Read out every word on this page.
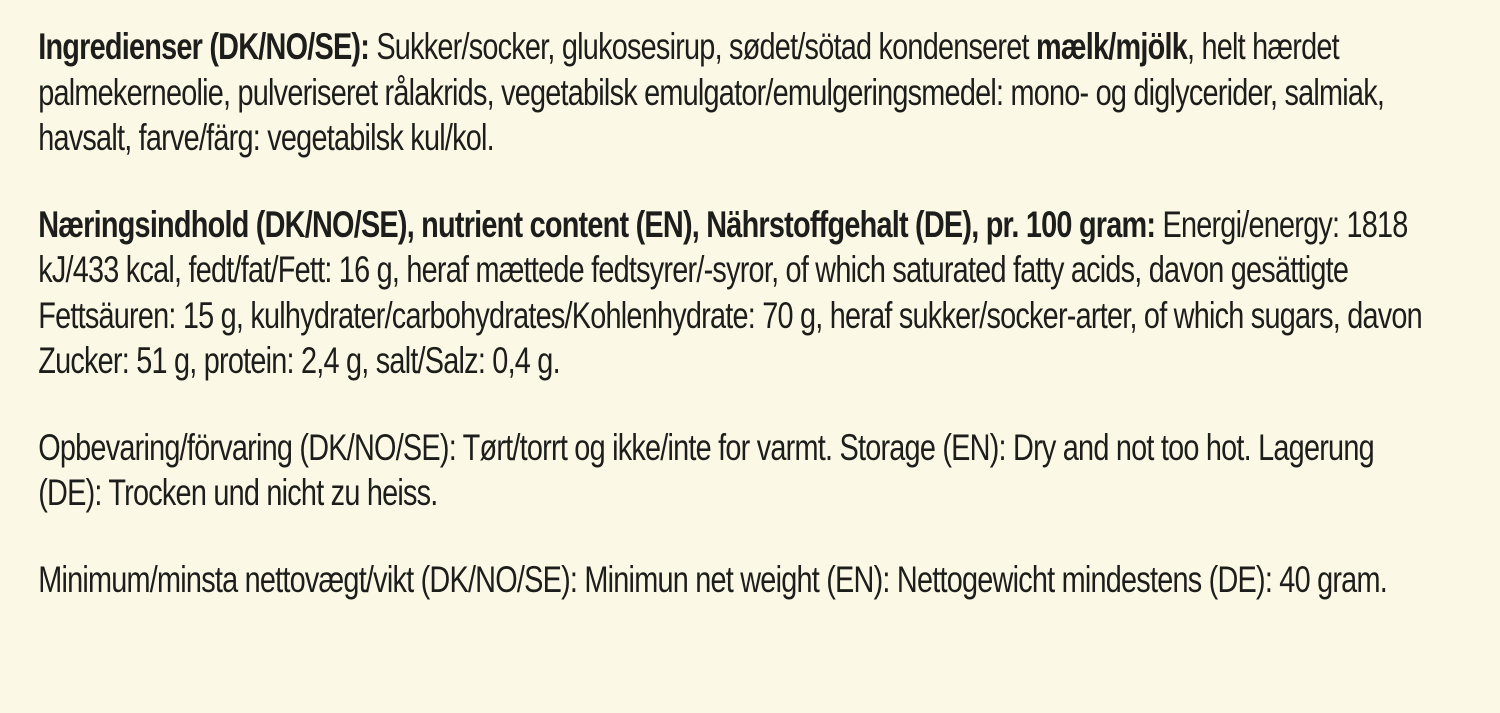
Ingredienser (DK/NO/SE): Sukker/socker, glukosesirup, sødet/sötad kondenseret mælk/mjölk, helt hærdet palmekerneolie, pulveriseret rålakrids, vegetabilsk emulgator/emulgeringsmedel: mono- og diglycerider, salmiak, havsalt, farve/färg: vegetabilsk kul/kol.

Næringsindhold (DK/NO/SE), nutrient content (EN), Nährstoffgehalt (DE), pr. 100 gram: Energi/energy: 1818 kJ/433 kcal, fedt/fat/Fett: 16 g, heraf mættede fedtsyrer/-syror, of which saturated fatty acids, davon gesättigte Fettsäuren: 15 g, kulhydrater/carbohydrates/Kohlenhydrate: 70 g, heraf sukker/socker-arter, of which sugars, davon Zucker: 51 g, protein: 2,4 g, salt/Salz: 0,4 g.

Opbevaring/förvaring (DK/NO/SE): Tørt/torrt og ikke/inte for varmt. Storage (EN): Dry and not too hot. Lagerung (DE): Trocken und nicht zu heiss.

Minimum/minsta nettovægt/vikt (DK/NO/SE): Minimun net weight (EN): Nettogewicht mindestens (DE): 40 gram.
